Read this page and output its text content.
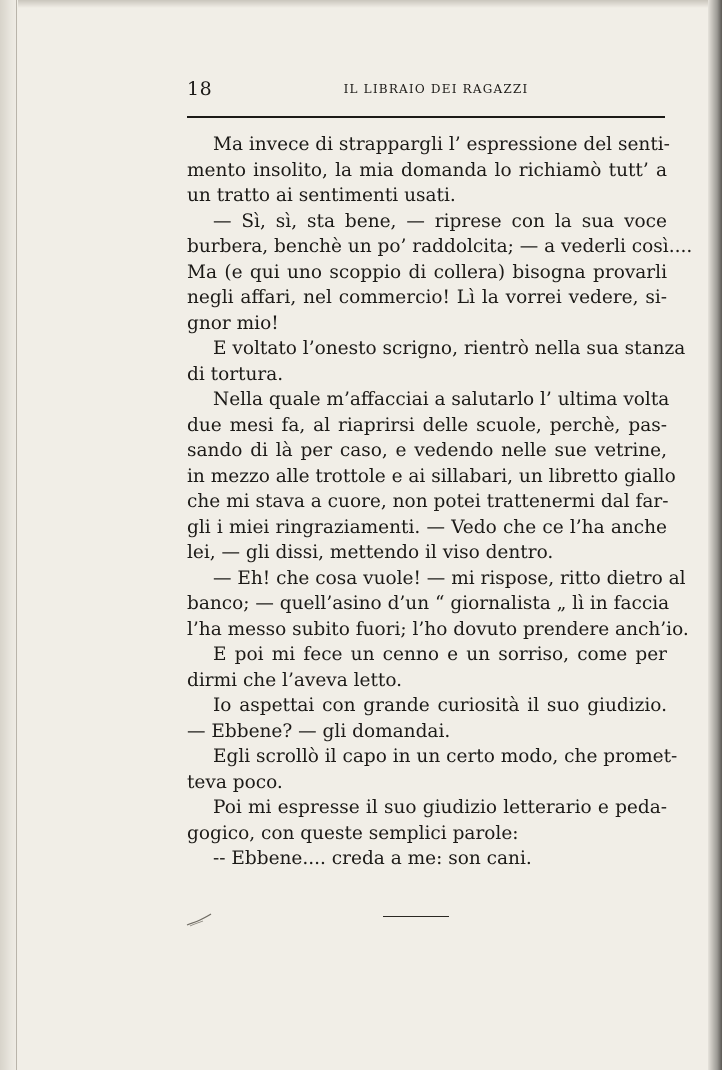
18	IL LIBRAIO DEI RAGAZZI
Ma invece di strappargli l’ espressione del senti-
mento insolito, la mia domanda lo richiamò tutt’ a
un tratto ai sentimenti usati.
— Sì, sì, sta bene, — riprese con la sua voce
burbera, benchè un po’ raddolcita; — a vederli così....
Ma (e qui uno scoppio di collera) bisogna provarli
negli affari, nel commercio! Lì la vorrei vedere, si-
gnor mio!
E voltato l’onesto scrigno, rientrò nella sua stanza
di tortura.
Nella quale m’affacciai a salutarlo l’ ultima volta
due mesi fa, al riaprirsi delle scuole, perchè, pas-
sando di là per caso, e vedendo nelle sue vetrine,
in mezzo alle trottole e ai sillabari, un libretto giallo
che mi stava a cuore, non potei trattenermi dal far-
gli i miei ringraziamenti. — Vedo che ce l’ha anche
lei, — gli dissi, mettendo il viso dentro.
— Eh! che cosa vuole! — mi rispose, ritto dietro al
banco; — quell’asino d’un “ giornalista „ lì in faccia
l’ha messo subito fuori; l’ho dovuto prendere anch’io.
E poi mi fece un cenno e un sorriso, come per
dirmi che l’aveva letto.
Io aspettai con grande curiosità il suo giudizio.
— Ebbene? — gli domandai.
Egli scrollò il capo in un certo modo, che promet-
teva poco.
Poi mi espresse il suo giudizio letterario e peda-
gogico, con queste semplici parole:
-- Ebbene.... creda a me: son cani.
